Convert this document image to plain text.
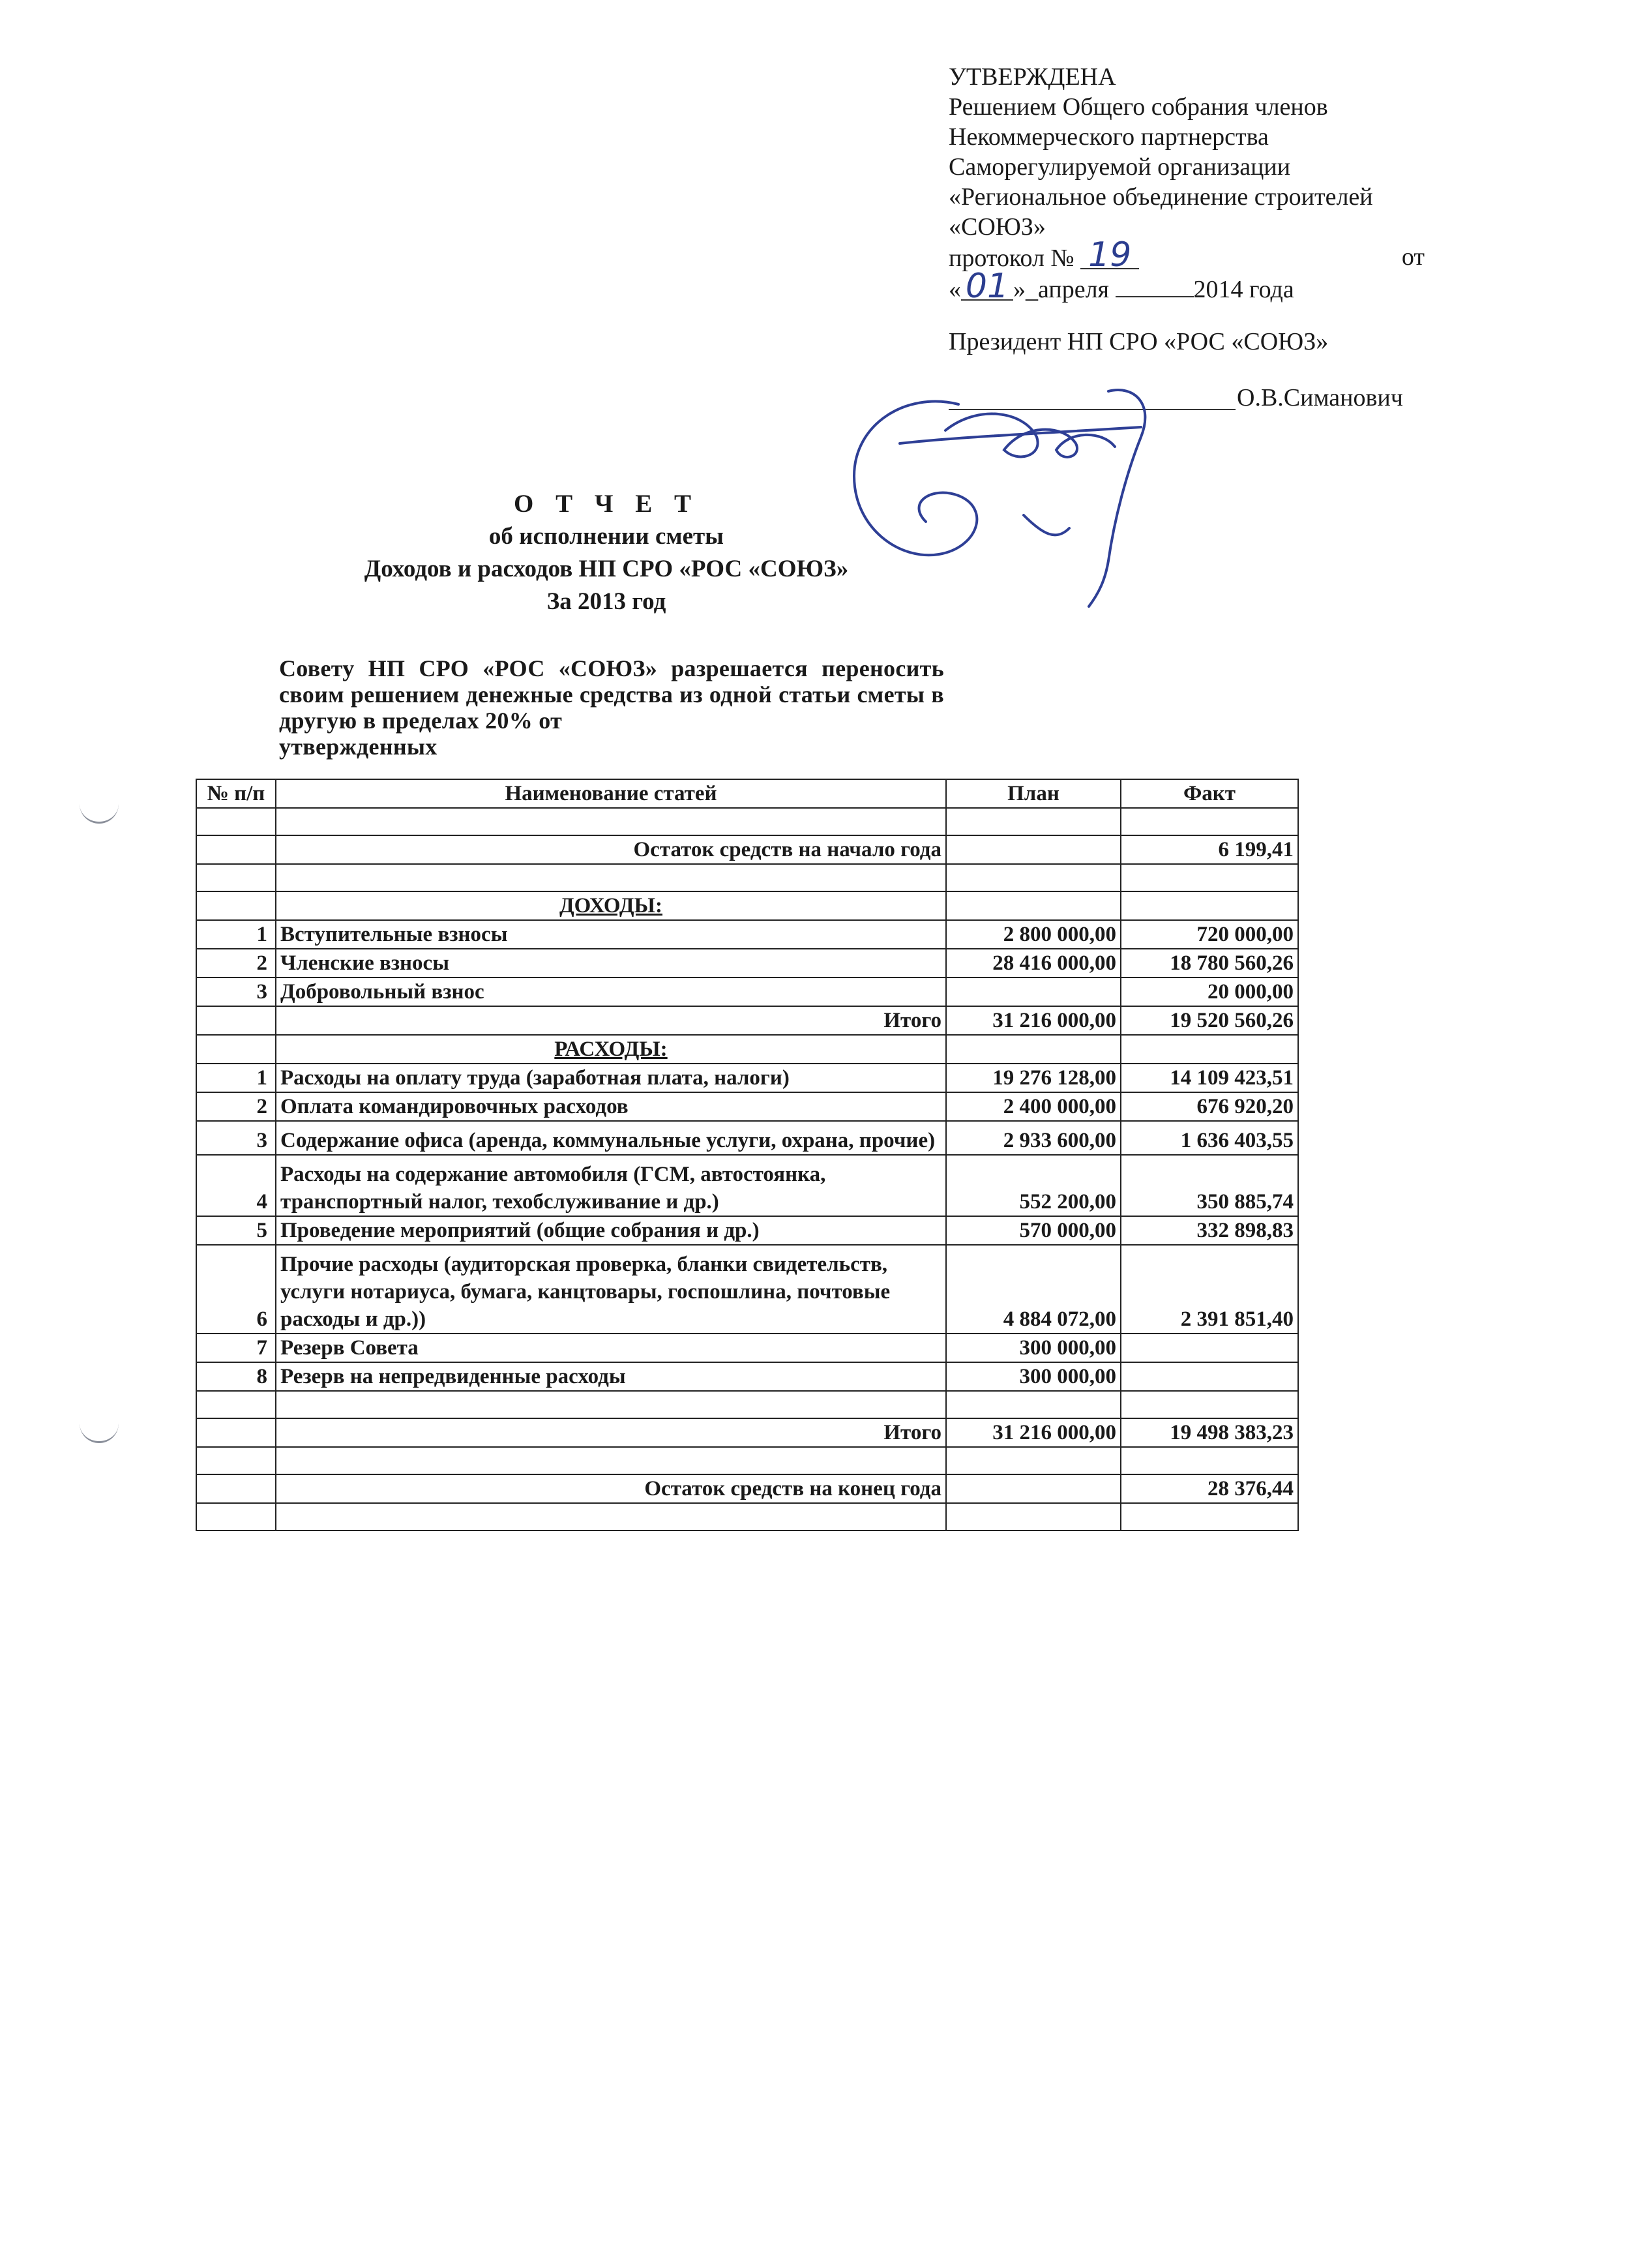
УТВЕРЖДЕНА
Решением Общего собрания членов
Некоммерческого партнерства
Саморегулируемой организации
«Региональное объединение строителей
«СОЮЗ»
протокол № 19	от
« 01 »_апреля	2014 года
Президент НП СРО «РОС «СОЮЗ»
О.В.Симанович
О Т Ч Е Т
об исполнении сметы
Доходов и расходов НП СРО «РОС «СОЮЗ»
За 2013 год
Совету НП СРО «РОС «СОЮЗ» разрешается переносить своим решением денежные средства из одной статьи сметы в другую в пределах 20% от
утвержденных
№ п/п	Наименование статей	План	Факт

	Остаток средств на начало года		6 199,41

	ДОХОДЫ:		
1	Вступительные взносы	2 800 000,00	720 000,00
2	Членские взносы	28 416 000,00	18 780 560,26
3	Добровольный взнос		20 000,00
	Итого	31 216 000,00	19 520 560,26
	РАСХОДЫ:		
1	Расходы на оплату труда (заработная плата, налоги)	19 276 128,00	14 109 423,51
2	Оплата командировочных расходов	2 400 000,00	676 920,20
3	Содержание офиса (аренда, коммунальные услуги, охрана, прочие)	2 933 600,00	1 636 403,55
4	Расходы на содержание автомобиля (ГСМ, автостоянка, транспортный налог, техобслуживание и др.)	552 200,00	350 885,74
5	Проведение мероприятий (общие собрания и др.)	570 000,00	332 898,83
6	Прочие расходы (аудиторская проверка, бланки свидетельств, услуги нотариуса, бумага, канцтовары, госпошлина, почтовые расходы и др.))	4 884 072,00	2 391 851,40
7	Резерв Совета	300 000,00	
8	Резерв на непредвиденные расходы	300 000,00	

	Итого	31 216 000,00	19 498 383,23

	Остаток средств на конец года		28 376,44
